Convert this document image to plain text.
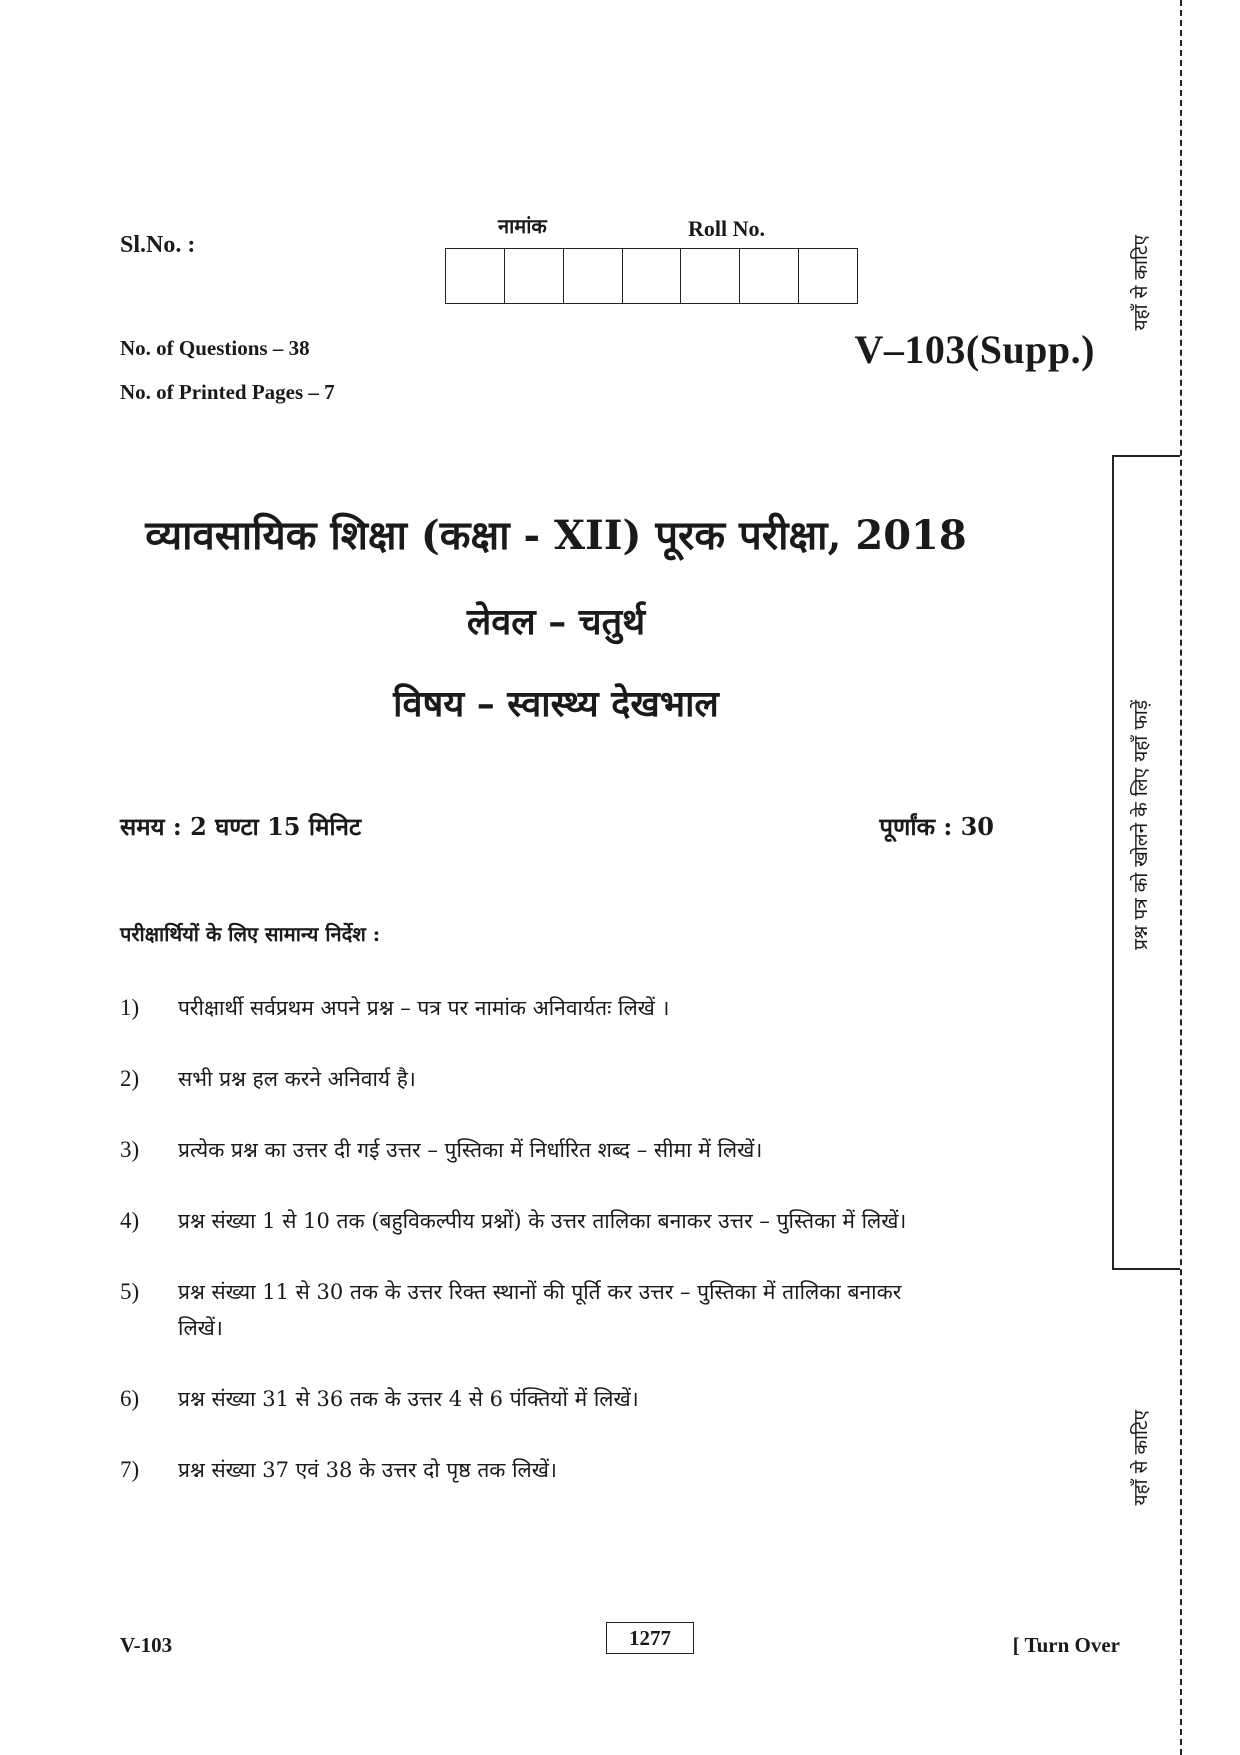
Sl.No. :
नामांक	Roll No.
No. of Questions – 38
No. of Printed Pages – 7
V–103(Supp.)
व्यावसायिक शिक्षा (कक्षा - XII) पूरक परीक्षा, 2018
लेवल – चतुर्थ
विषय – स्वास्थ्य देखभाल
समय : 2 घण्टा 15 मिनिट	पूर्णांक : 30
परीक्षार्थियों के लिए सामान्य निर्देश :
1)	परीक्षार्थी सर्वप्रथम अपने प्रश्न – पत्र पर नामांक अनिवार्यतः लिखें ।
2)	सभी प्रश्न हल करने अनिवार्य है।
3)	प्रत्येक प्रश्न का उत्तर दी गई उत्तर – पुस्तिका में निर्धारित शब्द – सीमा में लिखें।
4)	प्रश्न संख्या 1 से 10 तक (बहुविकल्पीय प्रश्नों) के उत्तर तालिका बनाकर उत्तर – पुस्तिका में लिखें।
5)	प्रश्न संख्या 11 से 30 तक के उत्तर रिक्त स्थानों की पूर्ति कर उत्तर – पुस्तिका में तालिका बनाकर लिखें।
6)	प्रश्न संख्या 31 से 36 तक के उत्तर 4 से 6 पंक्तियों में लिखें।
7)	प्रश्न संख्या 37 एवं 38 के उत्तर दो पृष्ठ तक लिखें।
V-103	1277	[ Turn Over
यहाँ से काटिए
प्रश्न पत्र को खोलने के लिए यहाँ फाड़ें
यहाँ से काटिए
